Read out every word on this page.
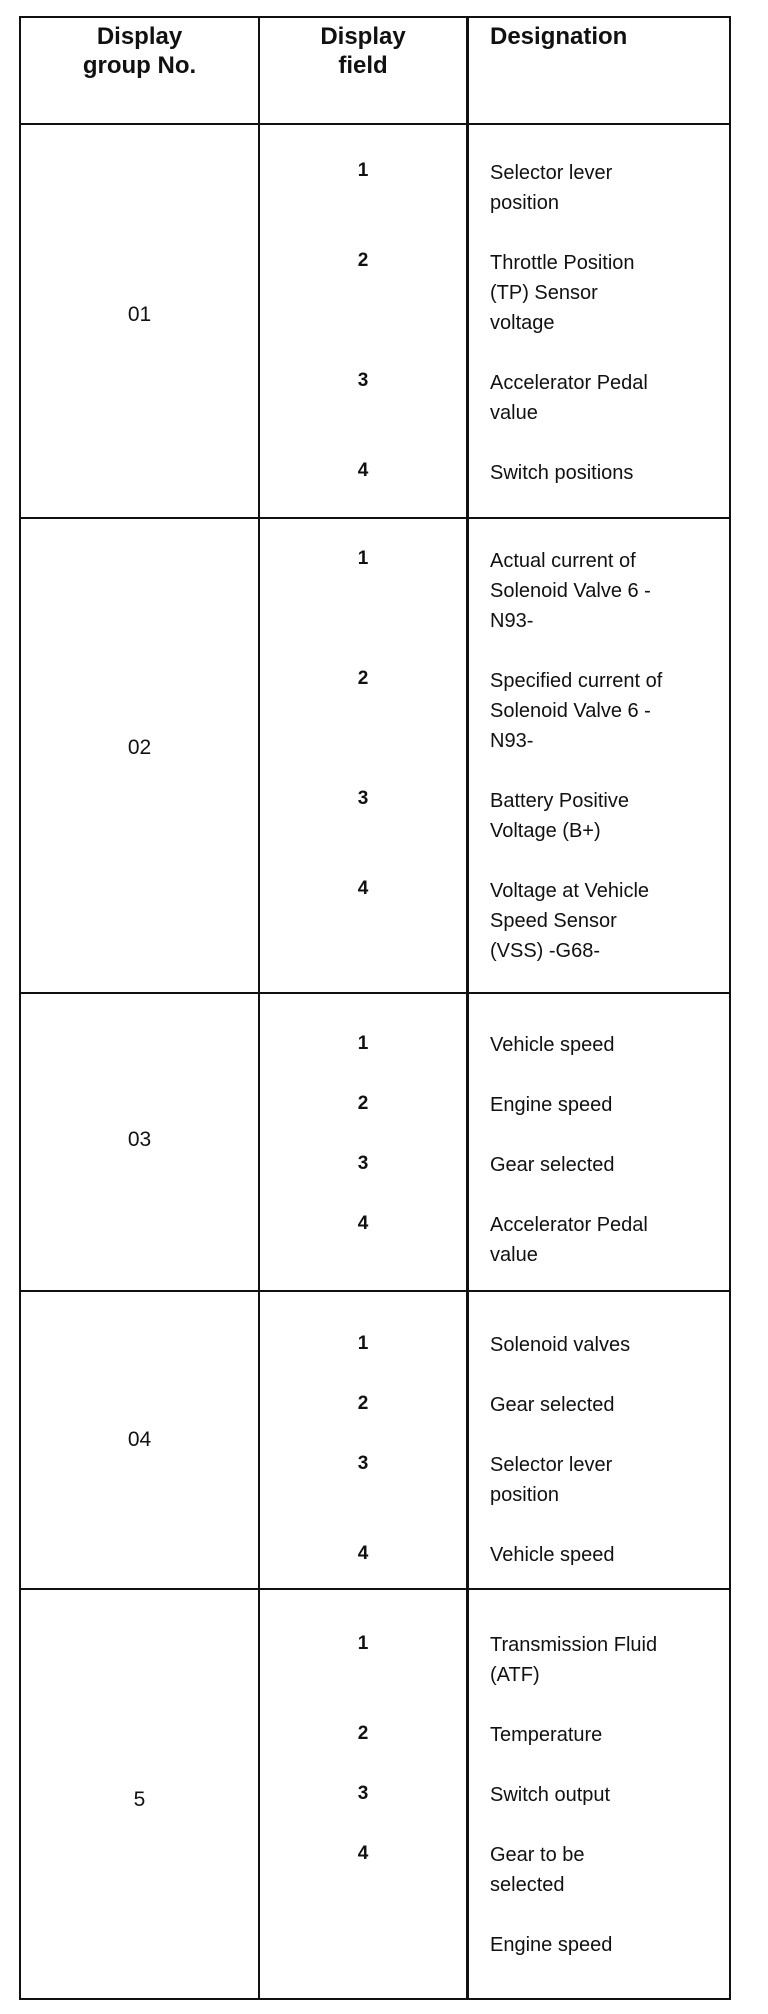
Display
group No.
Display
field
Designation
01
1
2
3
4
Selector lever
position
Throttle Position
(TP) Sensor
voltage
Accelerator Pedal
value
Switch positions
02
1
2
3
4
Actual current of
Solenoid Valve 6 -
N93-
Specified current of
Solenoid Valve 6 -
N93-
Battery Positive
Voltage (B+)
Voltage at Vehicle
Speed Sensor
(VSS) -G68-
03
1
2
3
4
Vehicle speed
Engine speed
Gear selected
Accelerator Pedal
value
04
1
2
3
4
Solenoid valves
Gear selected
Selector lever
position
Vehicle speed
5
1
2
3
4
Transmission Fluid
(ATF)
Temperature
Switch output
Gear to be
selected
Engine speed
